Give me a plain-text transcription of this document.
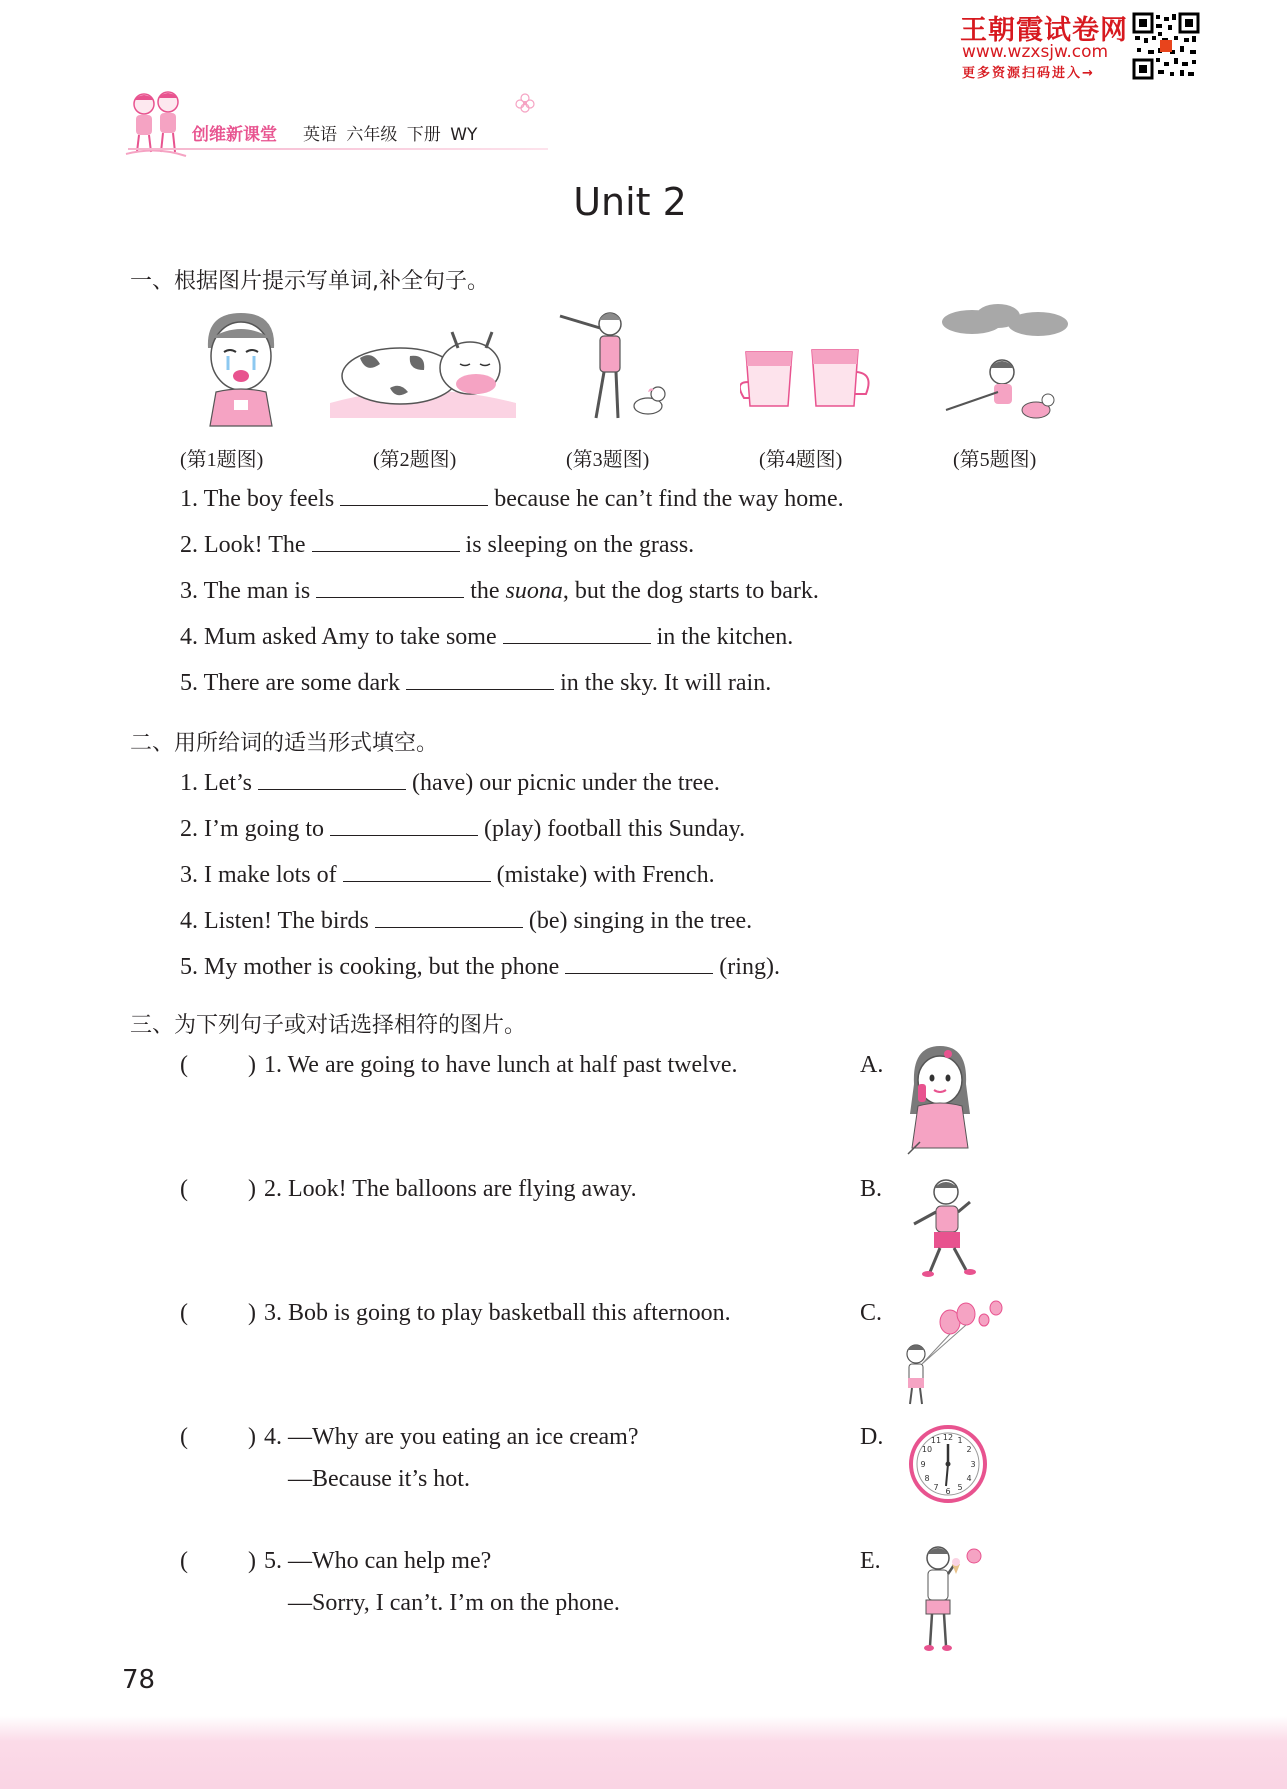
王朝霞试卷网
www.wzxsjw.com
更多资源扫码进入→
创维新课堂 英语 六年级 下册 WY
Unit 2
一、根据图片提示写单词,补全句子。
(第1题图)	(第2题图)	(第3题图)	(第4题图)	(第5题图)
1. The boy feels	because he can’t find the way home.
2. Look! The	is sleeping on the grass.
3. The man is	the suona, but the dog starts to bark.
4. Mum asked Amy to take some	in the kitchen.
5. There are some dark	in the sky. It will rain.
二、用所给词的适当形式填空。
1. Let’s	(have) our picnic under the tree.
2. I’m going to	(play) football this Sunday.
3. I make lots of	(mistake) with French.
4. Listen! The birds	(be) singing in the tree.
5. My mother is cooking, but the phone	(ring).
三、为下列句子或对话选择相符的图片。
(	) 1. We are going to have lunch at half past twelve.	A.
(	) 2. Look! The balloons are flying away.	B.
(	) 3. Bob is going to play basketball this afternoon.	C.
(	) 4. —Why are you eating an ice cream?
—Because it’s hot.
D.
(	) 5. —Who can help me?
—Sorry, I can’t. I’m on the phone.
E.
12 1
2
3
4
5
6
7
8
9
10
11
78
